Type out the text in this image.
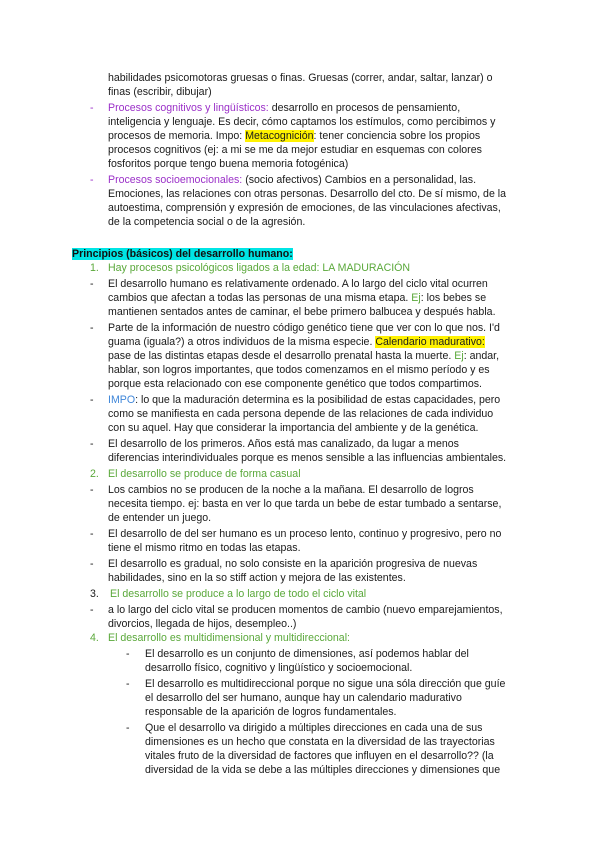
habilidades psicomotoras gruesas o finas. Gruesas (correr, andar, saltar, lanzar) o
finas (escribir, dibujar)
- Procesos cognitivos y lingüísticos: desarrollo en procesos de pensamiento,
inteligencia y lenguaje. Es decir, cómo captamos los estímulos, como percibimos y
procesos de memoria. Impo: Metacognición: tener conciencia sobre los propios
procesos cognitivos (ej: a mi se me da mejor estudiar en esquemas con colores
fosforitos porque tengo buena memoria fotogénica)
- Procesos socioemocionales: (socio afectivos) Cambios en a personalidad, las.
Emociones, las relaciones con otras personas. Desarrollo del cto. De sí mismo, de la
autoestima, comprensión y expresión de emociones, de las vinculaciones afectivas,
de la competencia social o de la agresión.
Principios (básicos) del desarrollo humano:
1. Hay procesos psicológicos ligados a la edad: LA MADURACIÓN
- El desarrollo humano es relativamente ordenado. A lo largo del ciclo vital ocurren
cambios que afectan a todas las personas de una misma etapa. Ej: los bebes se
mantienen sentados antes de caminar, el bebe primero balbucea y después habla.
- Parte de la información de nuestro código genético tiene que ver con lo que nos. I'd
guama (iguala?) a otros individuos de la misma especie. Calendario madurativo:
pase de las distintas etapas desde el desarrollo prenatal hasta la muerte. Ej: andar,
hablar, son logros importantes, que todos comenzamos en el mismo período y es
porque esta relacionado con ese componente genético que todos compartimos.
- IMPO: lo que la maduración determina es la posibilidad de estas capacidades, pero
como se manifiesta en cada persona depende de las relaciones de cada individuo
con su aquel. Hay que considerar la importancia del ambiente y de la genética.
- El desarrollo de los primeros. Años está mas canalizado, da lugar a menos
diferencias interindividuales porque es menos sensible a las influencias ambientales.
2. El desarrollo se produce de forma casual
- Los cambios no se producen de la noche a la mañana. El desarrollo de logros
necesita tiempo. ej: basta en ver lo que tarda un bebe de estar tumbado a sentarse,
de entender un juego.
- El desarrollo de del ser humano es un proceso lento, continuo y progresivo, pero no
tiene el mismo ritmo en todas las etapas.
- El desarrollo es gradual, no solo consiste en la aparición progresiva de nuevas
habilidades, sino en la so stiff action y mejora de las existentes.
3. El desarrollo se produce a lo largo de todo el ciclo vital
- a lo largo del ciclo vital se producen momentos de cambio (nuevo emparejamientos,
divorcios, llegada de hijos, desempleo..)
4. El desarrollo es multidimensional y multidireccional:
- El desarrollo es un conjunto de dimensiones, así podemos hablar del
desarrollo físico, cognitivo y lingüístico y socioemocional.
- El desarrollo es multidireccional porque no sigue una sóla dirección que guíe
el desarrollo del ser humano, aunque hay un calendario madurativo
responsable de la aparición de logros fundamentales.
- Que el desarrollo va dirigido a múltiples direcciones en cada una de sus
dimensiones es un hecho que constata en la diversidad de las trayectorias
vitales fruto de la diversidad de factores que influyen en el desarrollo?? (la
diversidad de la vida se debe a las múltiples direcciones y dimensiones que
